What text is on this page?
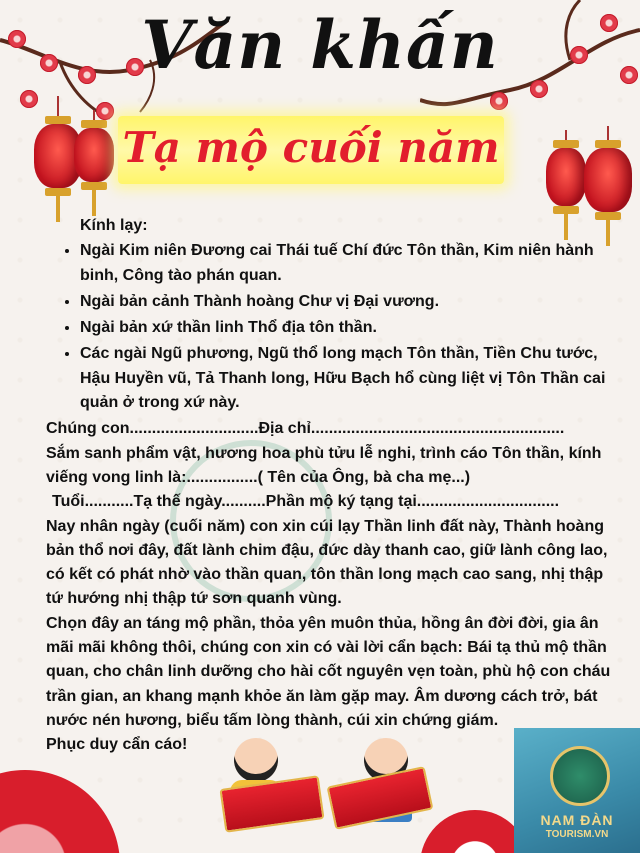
Văn khấn
Tạ mộ cuối năm
Kính lạy:
• Ngài Kim niên Đương cai Thái tuế Chí đức Tôn thần, Kim niên hành binh, Công tào phán quan.
• Ngài bản cảnh Thành hoàng Chư vị Đại vương.
• Ngài bản xứ thần linh Thổ địa tôn thần.
• Các ngài Ngũ phương, Ngũ thổ long mạch Tôn thần, Tiền Chu tước, Hậu Huyền vũ, Tả Thanh long, Hữu Bạch hổ cùng liệt vị Tôn Thần cai quản ở trong xứ này.

Chúng con.............................Địa chỉ.........................................................

Sắm sanh phẩm vật, hương hoa phù tửu lễ nghi, trình cáo Tôn thần, kính viếng vong linh là:................( Tên của Ông, bà cha mẹ...)

Tuổi...........Tạ thế ngày..........Phần mộ ký tạng tại................................

Nay nhân ngày (cuối năm) con xin cúi lạy Thần linh đất này, Thành hoàng bản thổ nơi đây, đất lành chim đậu, đức dày thanh cao, giữ lành công lao, có kết có phát nhờ vào thần quan, tôn thần long mạch cao sang, nhị thập tứ hướng nhị thập tứ sơn quanh vùng.

Chọn đây an táng mộ phần, thỏa yên muôn thủa, hồng ân đời đời, gia ân mãi mãi không thôi, chúng con xin có vài lời cẩn bạch: Bái tạ thủ mộ thần quan, cho chân linh dưỡng cho hài cốt nguyên vẹn toàn, phù hộ con cháu trần gian, an khang mạnh khỏe ăn làm gặp may. Âm dương cách trở, bát nước nén hương, biểu tấm lòng thành, cúi xin chứng giám.

Phục duy cẩn cáo!

NAM ĐÀN
TOURISM.VN
